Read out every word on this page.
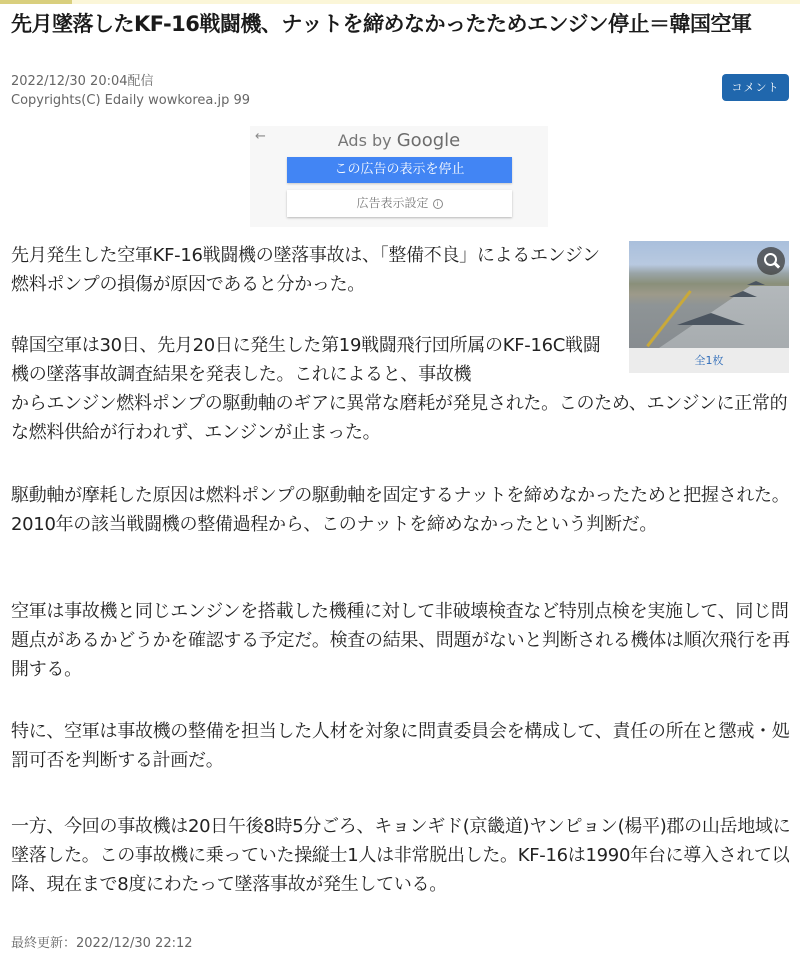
先月墜落したKF-16戦闘機、ナットを締めなかったためエンジン停止＝韓国空軍
2022/12/30 20:04配信
Copyrights(C) Edaily wowkorea.jp 99
コメント
←	Ads by Google
この広告の表示を停止
広告表示設定 i
全1枚

先月発生した空軍KF-16戦闘機の墜落事故は、「整備不良」によるエンジン燃料ポンプの損傷が原因であると分かった。

韓国空軍は30日、先月20日に発生した第19戦闘飛行団所属のKF-16C戦闘機の墜落事故調査結果を発表した。これによると、事故機

からエンジン燃料ポンプの駆動軸のギアに異常な磨耗が発見された。このため、エンジンに正常的な燃料供給が行われず、エンジンが止まった。

駆動軸が摩耗した原因は燃料ポンプの駆動軸を固定するナットを締めなかったためと把握された。2010年の該当戦闘機の整備過程から、このナットを締めなかったという判断だ。

空軍は事故機と同じエンジンを搭載した機種に対して非破壊検査など特別点検を実施して、同じ問題点があるかどうかを確認する予定だ。検査の結果、問題がないと判断される機体は順次飛行を再開する。

特に、空軍は事故機の整備を担当した人材を対象に問責委員会を構成して、責任の所在と懲戒・処罰可否を判断する計画だ。

一方、今回の事故機は20日午後8時5分ごろ、キョンギド(京畿道)ヤンピョン(楊平)郡の山岳地域に墜落した。この事故機に乗っていた操縦士1人は非常脱出した。KF-16は1990年台に導入されて以降、現在まで8度にわたって墜落事故が発生している。

最終更新：2022/12/30 22:12
